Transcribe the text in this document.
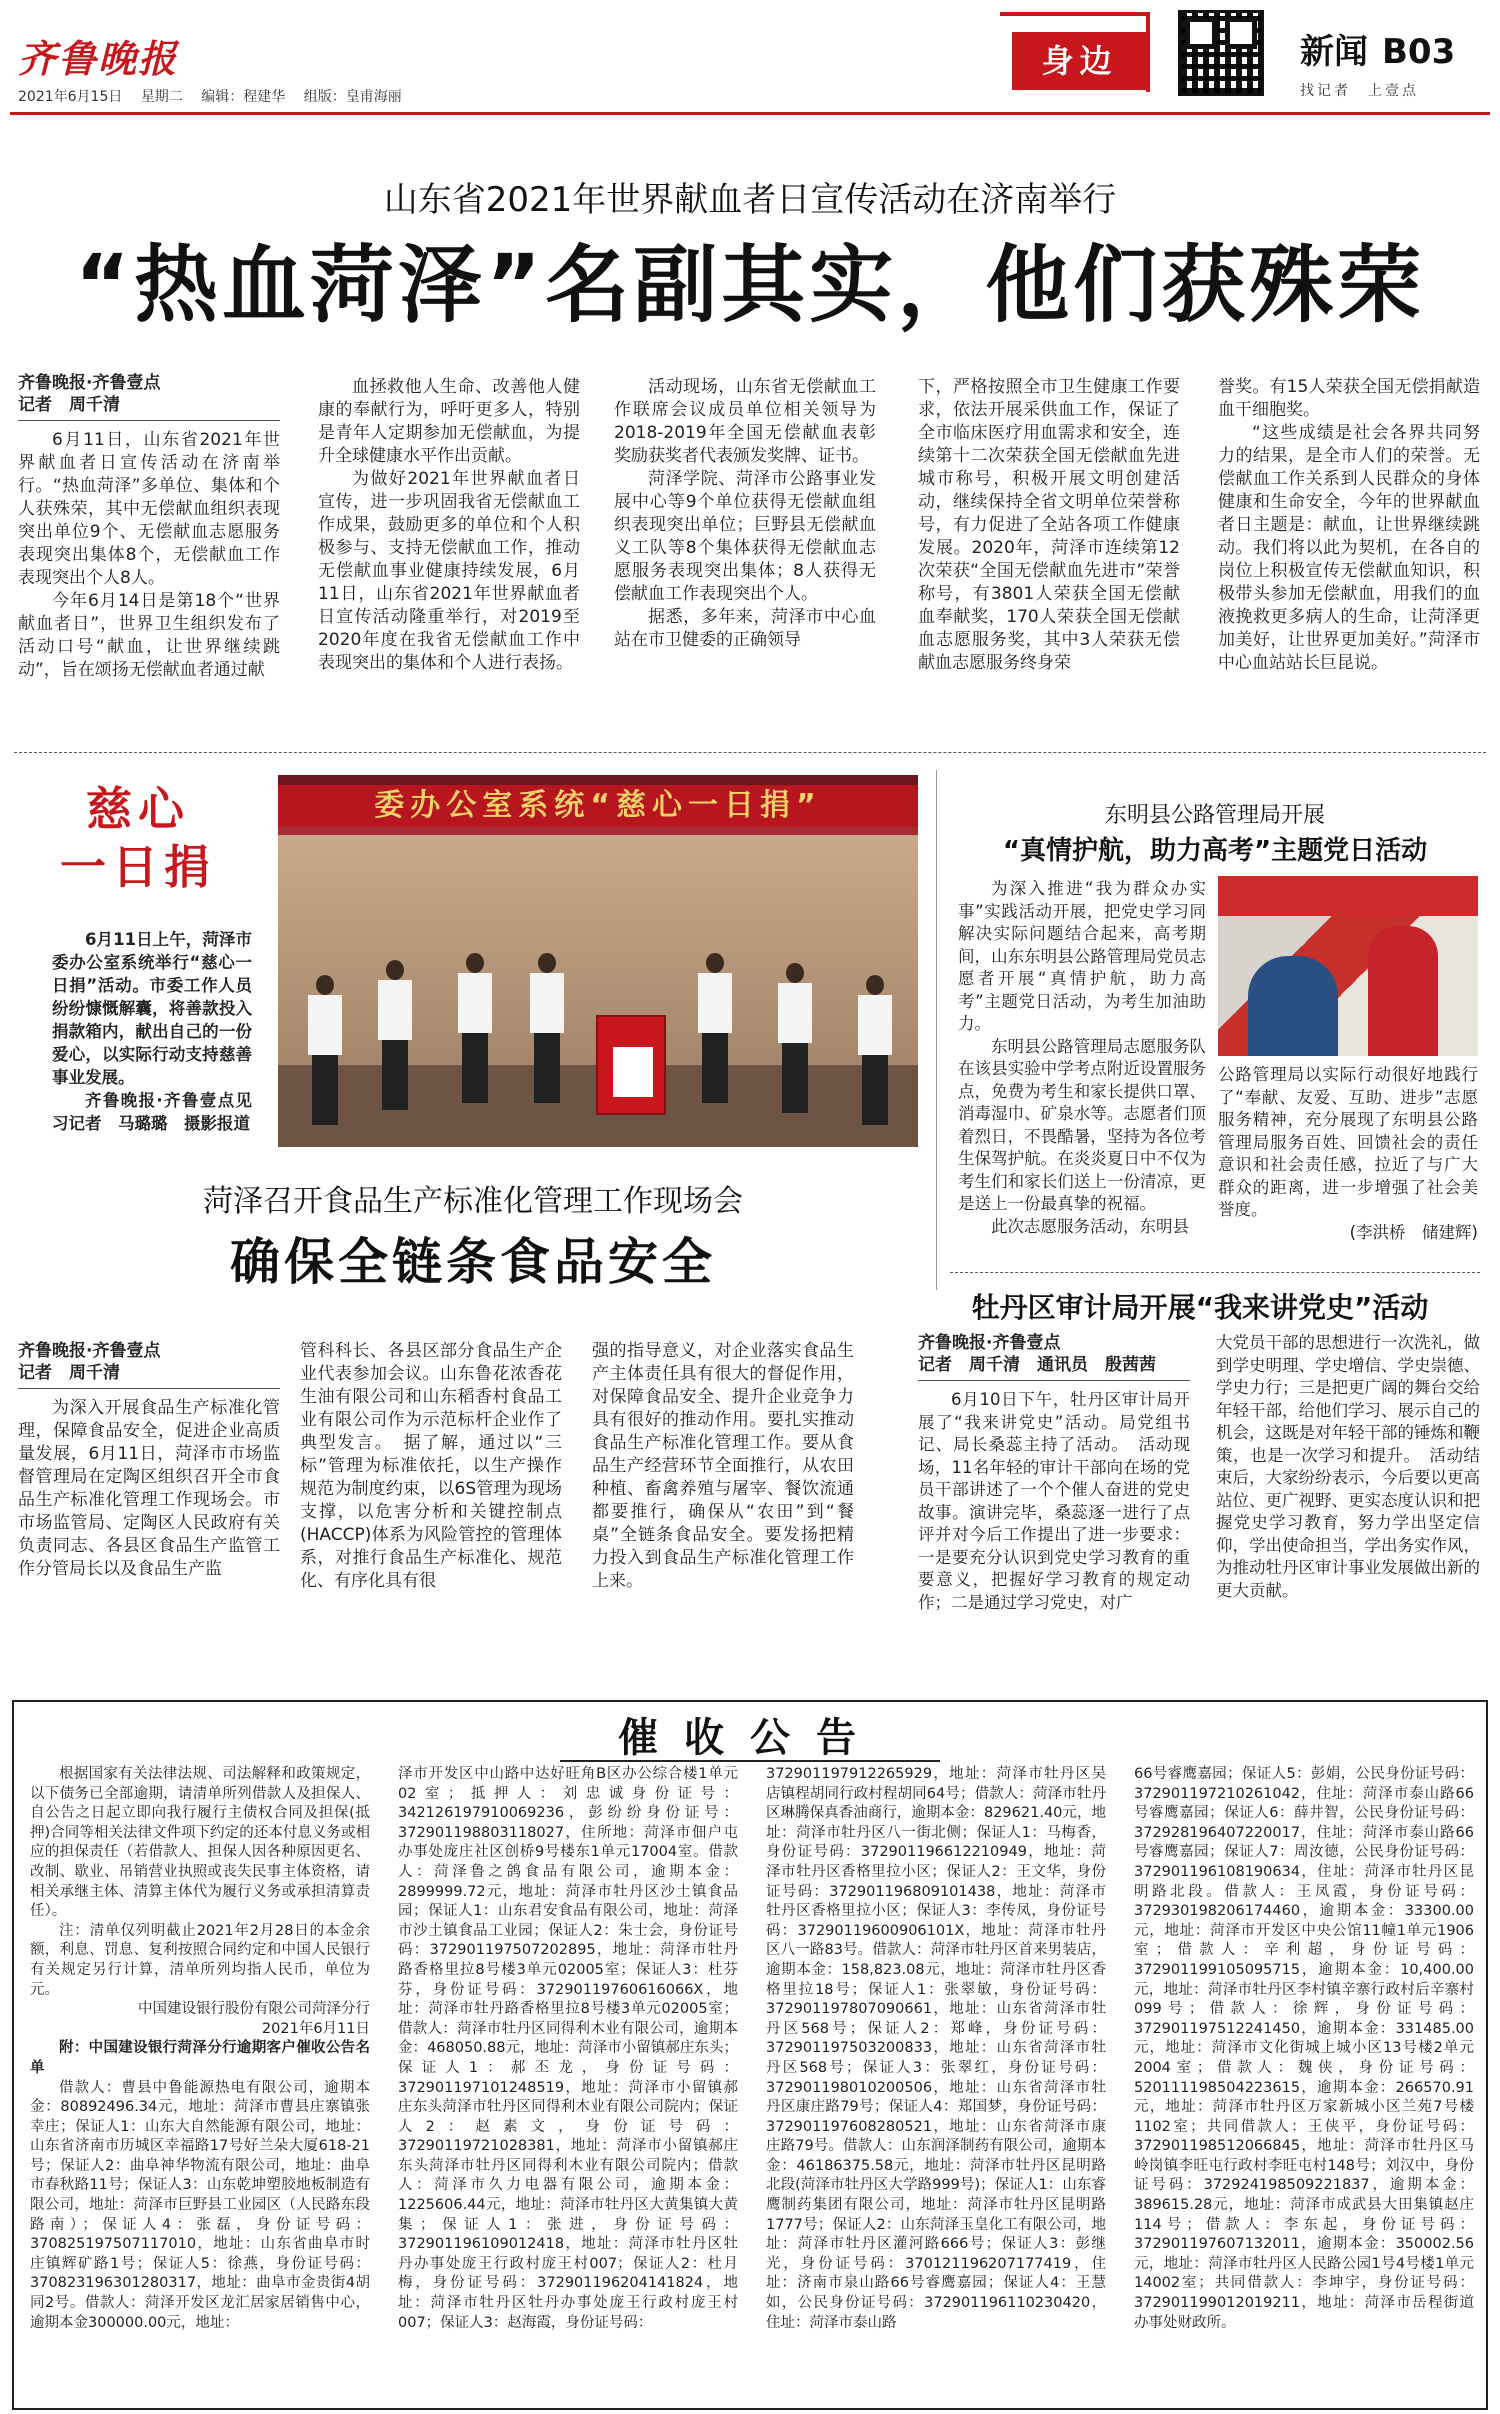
齐鲁晚报
2021年6月15日 星期二 编辑：程建华 组版：皇甫海丽
身边	新闻 B03
找记者　上壹点
山东省2021年世界献血者日宣传活动在济南举行
“热血菏泽”名副其实，他们获殊荣
齐鲁晚报·齐鲁壹点

记者　周千清

6月11日，山东省2021年世界献血者日宣传活动在济南举行。“热血菏泽”多单位、集体和个人获殊荣，其中无偿献血组织表现突出单位9个、无偿献血志愿服务表现突出集体8个，无偿献血工作表现突出个人8人。

今年6月14日是第18个“世界献血者日”，世界卫生组织发布了活动口号“献血，让世界继续跳动”，旨在颂扬无偿献血者通过献

血拯救他人生命、改善他人健康的奉献行为，呼吁更多人，特别是青年人定期参加无偿献血，为提升全球健康水平作出贡献。

为做好2021年世界献血者日宣传，进一步巩固我省无偿献血工作成果，鼓励更多的单位和个人积极参与、支持无偿献血工作，推动无偿献血事业健康持续发展，6月11日，山东省2021年世界献血者日宣传活动隆重举行，对2019至2020年度在我省无偿献血工作中表现突出的集体和个人进行表扬。

活动现场，山东省无偿献血工作联席会议成员单位相关领导为2018-2019年全国无偿献血表彰奖励获奖者代表颁发奖牌、证书。

菏泽学院、菏泽市公路事业发展中心等9个单位获得无偿献血组织表现突出单位；巨野县无偿献血义工队等8个集体获得无偿献血志愿服务表现突出集体；8人获得无偿献血工作表现突出个人。

据悉，多年来，菏泽市中心血站在市卫健委的正确领导

下，严格按照全市卫生健康工作要求，依法开展采供血工作，保证了全市临床医疗用血需求和安全，连续第十二次荣获全国无偿献血先进城市称号，积极开展文明创建活动，继续保持全省文明单位荣誉称号，有力促进了全站各项工作健康发展。2020年，菏泽市连续第12次荣获“全国无偿献血先进市”荣誉称号，有3801人荣获全国无偿献血奉献奖，170人荣获全国无偿献血志愿服务奖，其中3人荣获无偿献血志愿服务终身荣

誉奖。有15人荣获全国无偿捐献造血干细胞奖。

“这些成绩是社会各界共同努力的结果，是全市人们的荣誉。无偿献血工作关系到人民群众的身体健康和生命安全，今年的世界献血者日主题是：献血，让世界继续跳动。我们将以此为契机，在各自的岗位上积极宣传无偿献血知识，积极带头参加无偿献血，用我们的血液挽救更多病人的生命，让菏泽更加美好，让世界更加美好。”菏泽市中心血站站长巨昆说。

慈心
一日捐

6月11日上午，菏泽市委办公室系统举行“慈心一日捐”活动。市委工作人员纷纷慷慨解囊，将善款投入捐款箱内，献出自己的一份爱心，以实际行动支持慈善事业发展。

齐鲁晚报·齐鲁壹点见习记者　马璐璐　摄影报道

委办公室系统“慈心一日捐”	东明县公路管理局开展
“真情护航，助力高考”主题党日活动

为深入推进“我为群众办实事”实践活动开展，把党史学习同解决实际问题结合起来，高考期间，山东东明县公路管理局党员志愿者开展“真情护航，助力高考”主题党日活动，为考生加油助力。

东明县公路管理局志愿服务队在该县实验中学考点附近设置服务点，免费为考生和家长提供口罩、消毒湿巾、矿泉水等。志愿者们顶着烈日，不畏酷暑，坚持为各位考生保驾护航。在炎炎夏日中不仅为考生们和家长们送上一份清凉，更是送上一份最真挚的祝福。

此次志愿服务活动，东明县

公路管理局以实际行动很好地践行了“奉献、友爱、互助、进步”志愿服务精神，充分展现了东明县公路管理局服务百姓、回馈社会的责任意识和社会责任感，拉近了与广大群众的距离，进一步增强了社会美誉度。

(李洪桥　储建辉)

菏泽召开食品生产标准化管理工作现场会
确保全链条食品安全
齐鲁晚报·齐鲁壹点

记者　周千清

为深入开展食品生产标准化管理，保障食品安全，促进企业高质量发展，6月11日，菏泽市市场监督管理局在定陶区组织召开全市食品生产标准化管理工作现场会。市市场监管局、定陶区人民政府有关负责同志、各县区食品生产监管工作分管局长以及食品生产监

管科科长、各县区部分食品生产企业代表参加会议。山东鲁花浓香花生油有限公司和山东稻香村食品工业有限公司作为示范标杆企业作了典型发言。　据了解，通过以“三标”管理为标准依托，以生产操作规范为制度约束，以6S管理为现场支撑，以危害分析和关键控制点(HACCP)体系为风险管控的管理体系，对推行食品生产标准化、规范化、有序化具有很

强的指导意义，对企业落实食品生产主体责任具有很大的督促作用，对保障食品安全、提升企业竞争力具有很好的推动作用。要扎实推动食品生产标准化管理工作。要从食品生产经营环节全面推行，从农田种植、畜禽养殖与屠宰、餐饮流通都要推行，确保从“农田”到“餐桌”全链条食品安全。要发扬把精力投入到食品生产标准化管理工作上来。

牡丹区审计局开展“我来讲党史”活动
齐鲁晚报·齐鲁壹点

记者　周千清　通讯员　殷茜茜

6月10日下午，牡丹区审计局开展了“我来讲党史”活动。局党组书记、局长桑蕊主持了活动。　活动现场，11名年轻的审计干部向在场的党员干部讲述了一个个催人奋进的党史故事。演讲完毕，桑蕊逐一进行了点评并对今后工作提出了进一步要求：一是要充分认识到党史学习教育的重要意义，把握好学习教育的规定动作；二是通过学习党史，对广

大党员干部的思想进行一次洗礼，做到学史明理、学史增信、学史崇德、学史力行；三是把更广阔的舞台交给年轻干部，给他们学习、展示自己的机会，这既是对年轻干部的锤炼和鞭策，也是一次学习和提升。　活动结束后，大家纷纷表示，今后要以更高站位、更广视野、更实态度认识和把握党史学习教育，努力学出坚定信仰，学出使命担当，学出务实作风，为推动牡丹区审计事业发展做出新的更大贡献。

催收公告

根据国家有关法律法规、司法解释和政策规定，以下债务已全部逾期，请清单所列借款人及担保人、自公告之日起立即向我行履行主债权合同及担保(抵押)合同等相关法律文件项下约定的还本付息义务或相应的担保责任（若借款人、担保人因各种原因更名、改制、歇业、吊销营业执照或丧失民事主体资格，请相关承继主体、清算主体代为履行义务或承担清算责任）。

注：清单仅列明截止2021年2月28日的本金余额，利息、罚息、复利按照合同约定和中国人民银行有关规定另行计算，清单所列均指人民币，单位为元。

中国建设银行股份有限公司菏泽分行

2021年6月11日

附：中国建设银行菏泽分行逾期客户催收公告名单

借款人：曹县中鲁能源热电有限公司，逾期本金：80892496.34元，地址：菏泽市曹县庄寨镇张幸庄；保证人1：山东大自然能源有限公司，地址：山东省济南市历城区幸福路17号好兰朵大厦618-21号；保证人2：曲阜神华物流有限公司，地址：曲阜市春秋路11号；保证人3：山东乾坤塑胶地板制造有限公司，地址：菏泽市巨野县工业园区（人民路东段路南）；保证人4：张磊，身份证号码：370825197507117010，地址：山东省曲阜市时庄镇辉矿路1号；保证人5：徐燕，身份证号码：370823196301280317，地址：曲阜市金贵街4胡同2号。借款人：菏泽开发区龙汇居家居销售中心，逾期本金300000.00元，地址：

泽市开发区中山路中达好旺角B区办公综合楼1单元02室；抵押人：刘忠诚身份证号：342126197910069236，彭纷纷身份证号：372901198803118027，住所地：菏泽市佃户屯办事处庞庄社区创桥9号楼东1单元17004室。借款人：菏泽鲁之鸽食品有限公司，逾期本金：2899999.72元，地址：菏泽市牡丹区沙土镇食品园；保证人1：山东君安食品有限公司，地址：菏泽市沙土镇食品工业园；保证人2：朱士会，身份证号码：372901197507202895，地址：菏泽市牡丹路香格里拉8号楼3单元02005室；保证人3：杜芬芬，身份证号码：37290119760616066X，地址：菏泽市牡丹路香格里拉8号楼3单元02005室；借款人：菏泽市牡丹区同得利木业有限公司，逾期本金：468050.88元，地址：菏泽市小留镇郝庄东头；保证人1：郝丕龙，身份证号码：372901197101248519，地址：菏泽市小留镇郝庄东头菏泽市牡丹区同得利木业有限公司院内；保证人2：赵素文，身份证号码：37290119721028381，地址：菏泽市小留镇郝庄东头菏泽市牡丹区同得利木业有限公司院内；借款人：菏泽市久力电器有限公司，逾期本金：1225606.44元，地址：菏泽市牡丹区大黄集镇大黄集；保证人1：张进，身份证号码：372901196109012418，地址：菏泽市牡丹区牡丹办事处庞王行政村庞王村007；保证人2：杜月梅，身份证号码：372901196204141824，地址：菏泽市牡丹区牡丹办事处庞王行政村庞王村007；保证人3：赵海霞，身份证号码：

372901197912265929，地址：菏泽市牡丹区吴店镇程胡同行政村程胡同64号；借款人：菏泽市牡丹区琳腾保真香油商行，逾期本金：829621.40元，地址：菏泽市牡丹区八一街北侧；保证人1：马梅香，身份证号码：372901196612210949，地址：菏泽市牡丹区香格里拉小区；保证人2：王文华，身份证号码：372901196809101438，地址：菏泽市牡丹区香格里拉小区；保证人3：李传凤，身份证号码：37290119600906101X，地址：菏泽市牡丹区八一路83号。借款人：菏泽市牡丹区首来男装店，逾期本金：158,823.08元，地址：菏泽市牡丹区香格里拉18号；保证人1：张翠敏，身份证号码：372901197807090661，地址：山东省菏泽市牡丹区568号；保证人2：郑峰，身份证号码：372901197503200833，地址：山东省菏泽市牡丹区568号；保证人3：张翠红，身份证号码：372901198010200506，地址：山东省菏泽市牡丹区康庄路79号；保证人4：郑国梦，身份证号码：372901197608280521，地址：山东省菏泽市康庄路79号。借款人：山东润泽制药有限公司，逾期本金：46186375.58元，地址：菏泽市牡丹区昆明路北段(菏泽市牡丹区大学路999号)；保证人1：山东睿鹰制药集团有限公司，地址：菏泽市牡丹区昆明路1777号；保证人2：山东菏泽玉皇化工有限公司，地址：菏泽市牡丹区灌河路666号；保证人3：彭继光，身份证号码：370121196207177419，住址：济南市泉山路66号睿鹰嘉园；保证人4：王慧如，公民身份证号码：372901196110230420，住址：菏泽市泰山路

66号睿鹰嘉园；保证人5：彭娟，公民身份证号码：372901197210261042，住址：菏泽市泰山路66号睿鹰嘉园；保证人6：薛井智，公民身份证号码：372928196407220017，住址：菏泽市泰山路66号睿鹰嘉园；保证人7：周汝德，公民身份证号码：372901196108190634，住址：菏泽市牡丹区昆明路北段。借款人：王凤霞，身份证号码：372930198206174460，逾期本金：33300.00元，地址：菏泽市开发区中央公馆11幢1单元1906室；借款人：辛利超，身份证号码：372901199105095715，逾期本金：10,400.00元，地址：菏泽市牡丹区李村镇辛寨行政村后辛寨村099号；借款人：徐辉，身份证号码：372901197512241450，逾期本金：331485.00元，地址：菏泽市文化街城上城小区13号楼2单元2004室；借款人：魏侠，身份证号码：520111198504223615，逾期本金：266570.91元，地址：菏泽市牡丹区万家新城小区兰苑7号楼1102室；共同借款人：王侠平，身份证号码：372901198512066845，地址：菏泽市牡丹区马岭岗镇李旺屯行政村李旺屯村148号；刘汉中，身份证号码：372924198509221837，逾期本金：389615.28元，地址：菏泽市成武县大田集镇赵庄114号；借款人：李东起，身份证号码：372901197607132011，逾期本金：350002.56元，地址：菏泽市牡丹区人民路公园1号4号楼1单元14002室；共同借款人：李坤宇，身份证号码：372901199012019211，地址：菏泽市岳程街道办事处财政所。
